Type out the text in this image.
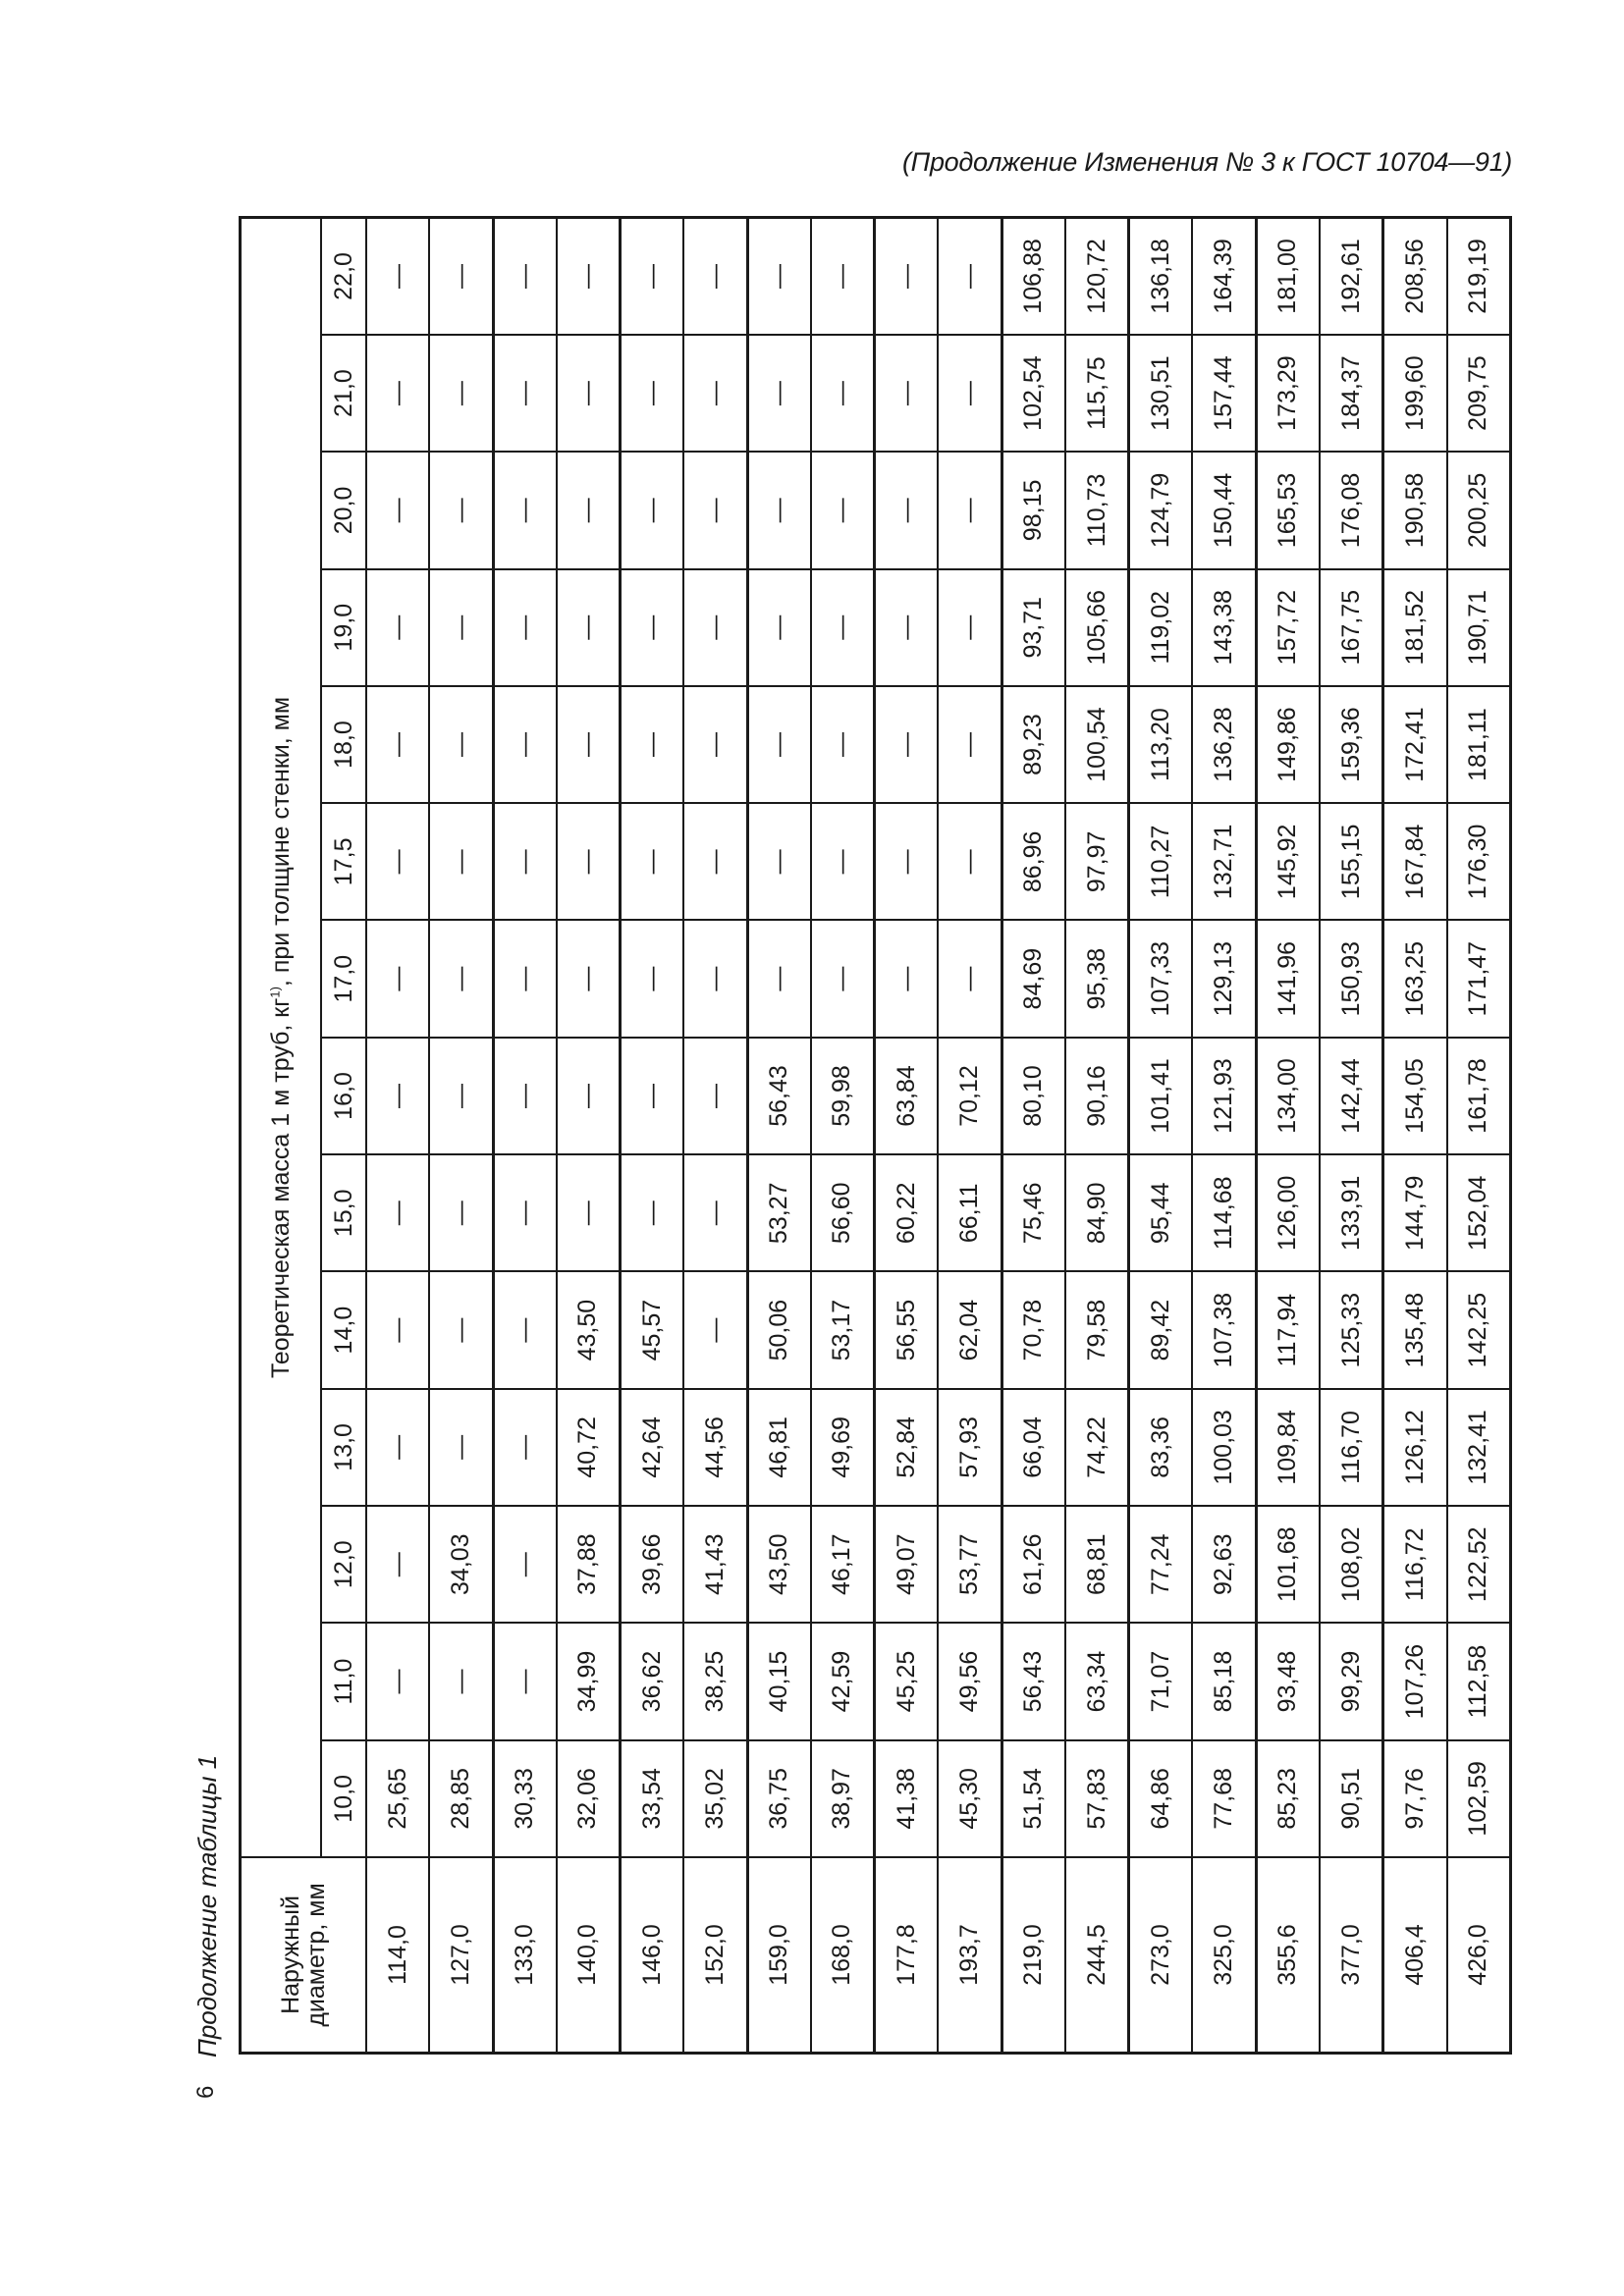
(Продолжение Изменения № 3 к ГОСТ 10704—91)
Продолжение таблицы 1
6
Наружный диаметр, мм	Теоретическая масса 1 м труб, $кг^{1)}$, при толщине стенки, мм													
	10,0	11,0	12,0	13,0	14,0	15,0	16,0	17,0	17,5	18,0	19,0	20,0	21,0	22,0
114,0	25,65	—	—	—	—	—	—	—	—	—	—	—	—	—
127,0	28,85	—	34,03	—	—	—	—	—	—	—	—	—	—	—
133,0	30,33	—	—	—	—	—	—	—	—	—	—	—	—	—
140,0	32,06	34,99	37,88	40,72	43,50	—	—	—	—	—	—	—	—	—
146,0	33,54	36,62	39,66	42,64	45,57	—	—	—	—	—	—	—	—	—
152,0	35,02	38,25	41,43	44,56	—	—	—	—	—	—	—	—	—	—
159,0	36,75	40,15	43,50	46,81	50,06	53,27	56,43	—	—	—	—	—	—	—
168,0	38,97	42,59	46,17	49,69	53,17	56,60	59,98	—	—	—	—	—	—	—
177,8	41,38	45,25	49,07	52,84	56,55	60,22	63,84	—	—	—	—	—	—	—
193,7	45,30	49,56	53,77	57,93	62,04	66,11	70,12	—	—	—	—	—	—	—
219,0	51,54	56,43	61,26	66,04	70,78	75,46	80,10	84,69	86,96	89,23	93,71	98,15	102,54	106,88
244,5	57,83	63,34	68,81	74,22	79,58	84,90	90,16	95,38	97,97	100,54	105,66	110,73	115,75	120,72
273,0	64,86	71,07	77,24	83,36	89,42	95,44	101,41	107,33	110,27	113,20	119,02	124,79	130,51	136,18
325,0	77,68	85,18	92,63	100,03	107,38	114,68	121,93	129,13	132,71	136,28	143,38	150,44	157,44	164,39
355,6	85,23	93,48	101,68	109,84	117,94	126,00	134,00	141,96	145,92	149,86	157,72	165,53	173,29	181,00
377,0	90,51	99,29	108,02	116,70	125,33	133,91	142,44	150,93	155,15	159,36	167,75	176,08	184,37	192,61
406,4	97,76	107,26	116,72	126,12	135,48	144,79	154,05	163,25	167,84	172,41	181,52	190,58	199,60	208,56
426,0	102,59	112,58	122,52	132,41	142,25	152,04	161,78	171,47	176,30	181,11	190,71	200,25	209,75	219,19
